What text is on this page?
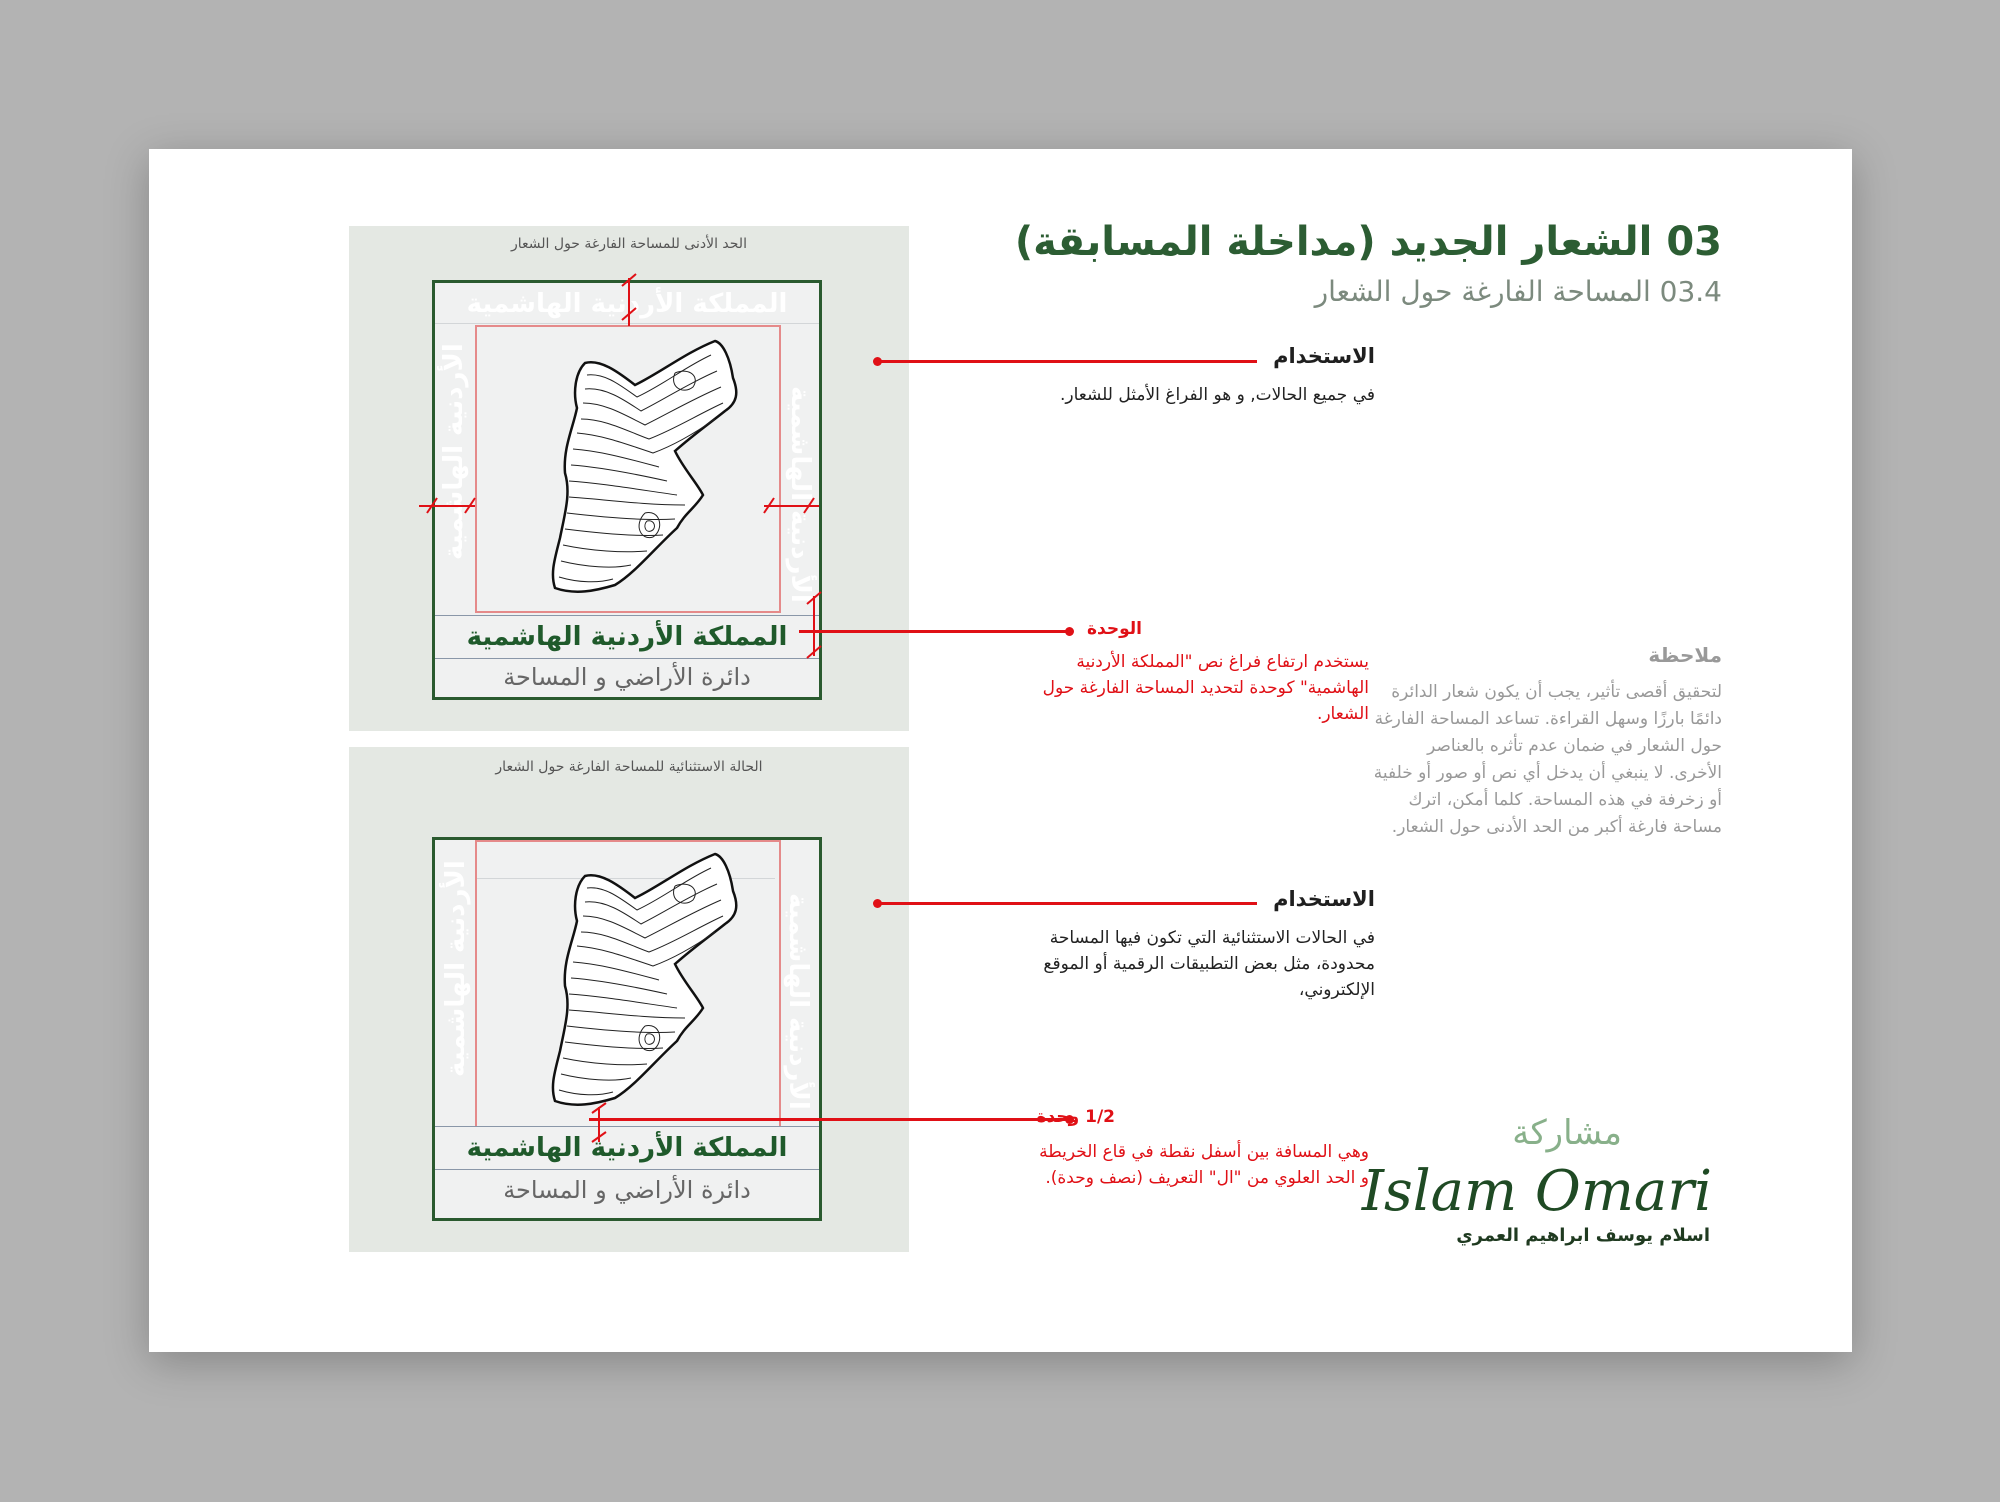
03 الشعار الجديد (مداخلة المسابقة)
03.4 المساحة الفارغة حول الشعار
الحد الأدنى للمساحة الفارغة حول الشعار
المملكة الأردنية الهاشمية
الأردنية الهاشمية	الأردنية الهاشمية
المملكة الأردنية الهاشمية
دائرة الأراضي و المساحة
الحالة الاستثنائية للمساحة الفارغة حول الشعار
الأردنية الهاشمية	الأردنية الهاشمية
المملكة الأردنية الهاشمية
دائرة الأراضي و المساحة
الاستخدام
في جميع الحالات, و هو الفراغ الأمثل للشعار.
الوحدة
يستخدم ارتفاع فراغ نص "المملكة الأردنية الهاشمية" كوحدة لتحديد المساحة الفارغة حول الشعار.
الاستخدام
في الحالات الاستثنائية التي تكون فيها المساحة محدودة، مثل بعض التطبيقات الرقمية أو الموقع الإلكتروني،
1/2 وحدة
وهي المسافة بين أسفل نقطة في قاع الخريطة و الحد العلوي من "ال" التعريف (نصف وحدة).
ملاحظة
لتحقيق أقصى تأثير، يجب أن يكون شعار الدائرة دائمًا بارزًا وسهل القراءة. تساعد المساحة الفارغة حول الشعار في ضمان عدم تأثره بالعناصر الأخرى. لا ينبغي أن يدخل أي نص أو صور أو خلفية أو زخرفة في هذه المساحة. كلما أمكن، اترك مساحة فارغة أكبر من الحد الأدنى حول الشعار.
مشاركة
Islam Omari
اسلام يوسف ابراهيم العمري
